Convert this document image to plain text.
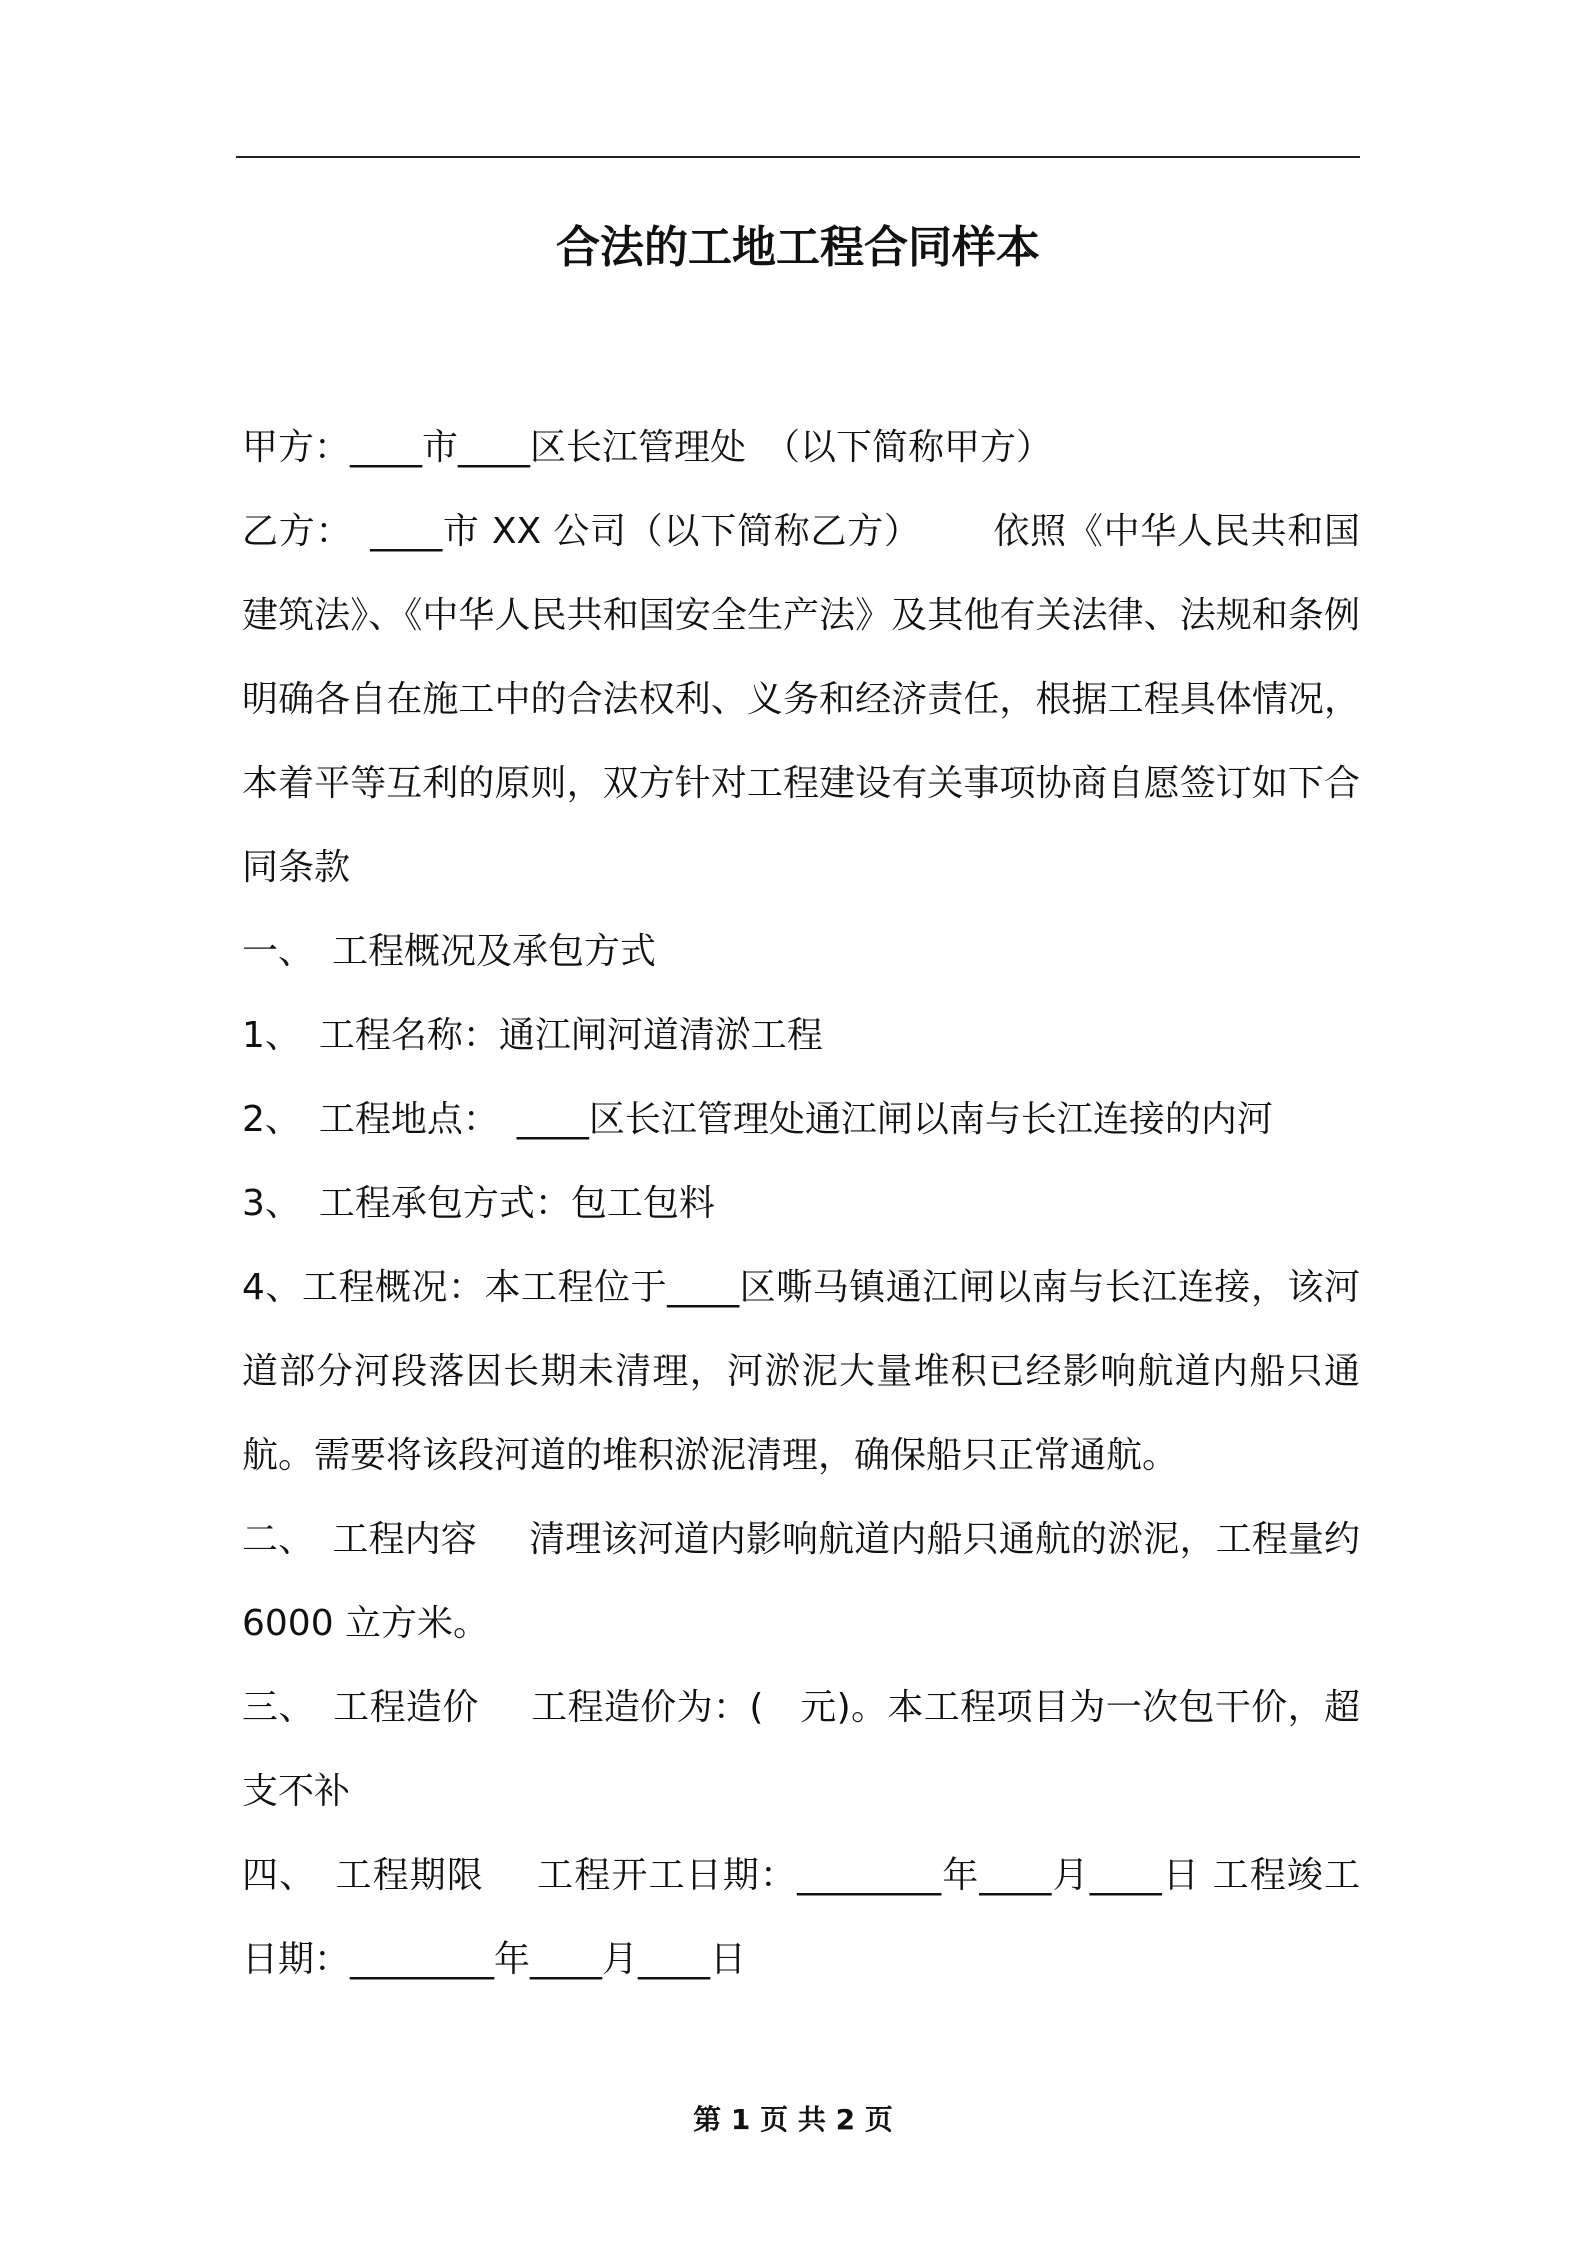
合法的工地工程合同样本

甲方：____市____区长江管理处　（以下简称甲方）

乙方： ____市 XX 公司（以下简称乙方） 依照《中华人民共和国建筑法》、《中华人民共和国安全生产法》及其他有关法律、法规和条例明确各自在施工中的合法权利、义务和经济责任，根据工程具体情况，本着平等互利的原则，双方针对工程建设有关事项协商自愿签订如下合同条款

一、 工程概况及承包方式

1、 工程名称：通江闸河道清淤工程

2、 工程地点： ____区长江管理处通江闸以南与长江连接的内河

3、 工程承包方式：包工包料

4、工程概况：本工程位于____区嘶马镇通江闸以南与长江连接，该河道部分河段落因长期未清理，河淤泥大量堆积已经影响航道内船只通航。需要将该段河道的堆积淤泥清理，确保船只正常通航。

二、 工程内容 清理该河道内影响航道内船只通航的淤泥，工程量约 6000 立方米。

三、 工程造价 工程造价为：(　元)。本工程项目为一次包干价，超支不补

四、 工程期限 工程开工日期：________年____月____日 工程竣工日期：________年____月____日

第 1 页 共 2 页
